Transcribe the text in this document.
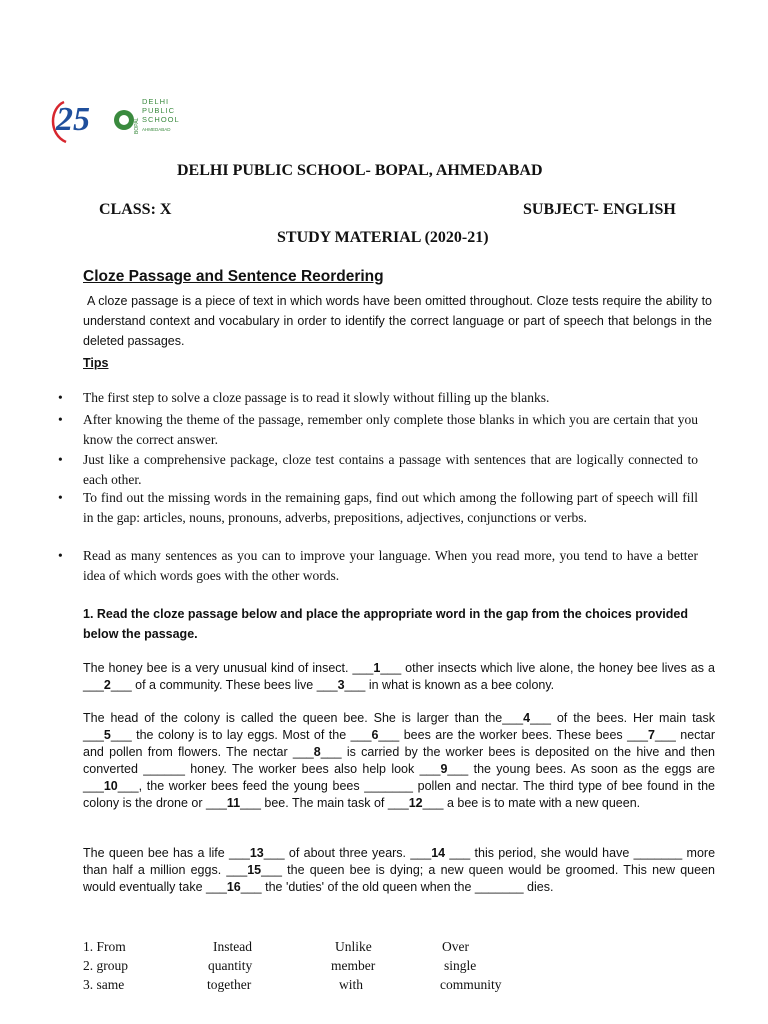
25	DELHI
PUBLIC
SCHOOL
AHMEDABAD
BOPAL
DELHI PUBLIC SCHOOL- BOPAL, AHMEDABAD
CLASS: X	SUBJECT- ENGLISH
STUDY MATERIAL (2020-21)
Cloze Passage and Sentence Reordering
A cloze passage is a piece of text in which words have been omitted throughout. Cloze tests require the ability to understand context and vocabulary in order to identify the correct language or part of speech that belongs in the deleted passages.
Tips
• The first step to solve a cloze passage is to read it slowly without filling up the blanks.
• After knowing the theme of the passage, remember only complete those blanks in which you are certain that you know the correct answer.
• Just like a comprehensive package, cloze test contains a passage with sentences that are logically connected to each other.
• To find out the missing words in the remaining gaps, find out which among the following part of speech will fill in the gap: articles, nouns, pronouns, adverbs, prepositions, adjectives, conjunctions or verbs.
• Read as many sentences as you can to improve your language. When you read more, you tend to have a better idea of which words goes with the other words.
1. Read the cloze passage below and place the appropriate word in the gap from the choices provided below the passage.
The honey bee is a very unusual kind of insect. ___1___ other insects which live alone, the honey bee lives as a ___2___ of a community. These bees live ___3___ in what is known as a bee colony.
The head of the colony is called the queen bee. She is larger than the___4___ of the bees. Her main task ___5___ the colony is to lay eggs. Most of the ___6___ bees are the worker bees. These bees ___7___ nectar and pollen from flowers. The nectar ___8___ is carried by the worker bees is deposited on the hive and then converted ______ honey. The worker bees also help look ___9___ the young bees. As soon as the eggs are ___10___, the worker bees feed the young bees _______ pollen and nectar. The third type of bee found in the colony is the drone or ___11___ bee. The main task of ___12___ a bee is to mate with a new queen.
The queen bee has a life ___13___ of about three years. ___14 ___ this period, she would have _______ more than half a million eggs. ___15___ the queen bee is dying; a new queen would be groomed. This new queen would eventually take ___16___ the 'duties' of the old queen when the _______ dies.
1. From	Instead	Unlike	Over
2. group	quantity	member	single
3. same	together	with	community
